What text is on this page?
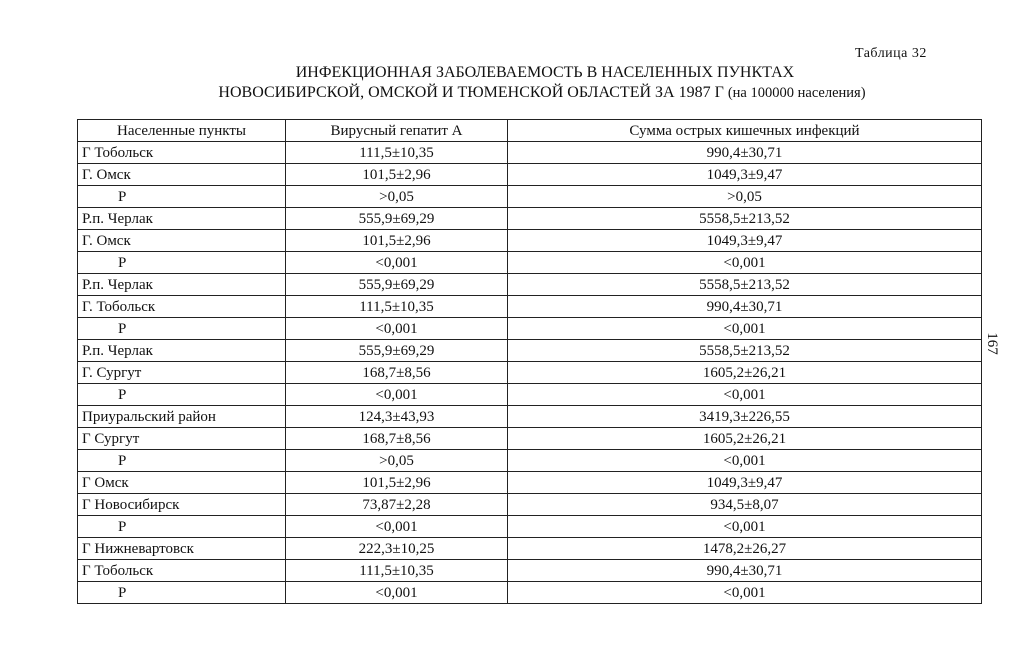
Таблица 32
ИНФЕКЦИОННАЯ ЗАБОЛЕВАЕМОСТЬ В НАСЕЛЕННЫХ ПУНКТАХ
НОВОСИБИРСКОЙ, ОМСКОЙ И ТЮМЕНСКОЙ ОБЛАСТЕЙ ЗА 1987 Г (на 100000 населения)
167
Населенные пункты	Вирусный гепатит А	Сумма острых кишечных инфекций
Г Тобольск	111,5±10,35	990,4±30,71
Г. Омск	101,5±2,96	1049,3±9,47
Р	>0,05	>0,05
Р.п. Черлак	555,9±69,29	5558,5±213,52
Г. Омск	101,5±2,96	1049,3±9,47
Р	<0,001	<0,001
Р.п. Черлак	555,9±69,29	5558,5±213,52
Г. Тобольск	111,5±10,35	990,4±30,71
Р	<0,001	<0,001
Р.п. Черлак	555,9±69,29	5558,5±213,52
Г. Сургут	168,7±8,56	1605,2±26,21
Р	<0,001	<0,001
Приуральский район	124,3±43,93	3419,3±226,55
Г Сургут	168,7±8,56	1605,2±26,21
Р	>0,05	<0,001
Г Омск	101,5±2,96	1049,3±9,47
Г Новосибирск	73,87±2,28	934,5±8,07
Р	<0,001	<0,001
Г Нижневартовск	222,3±10,25	1478,2±26,27
Г Тобольск	111,5±10,35	990,4±30,71
Р	<0,001	<0,001
